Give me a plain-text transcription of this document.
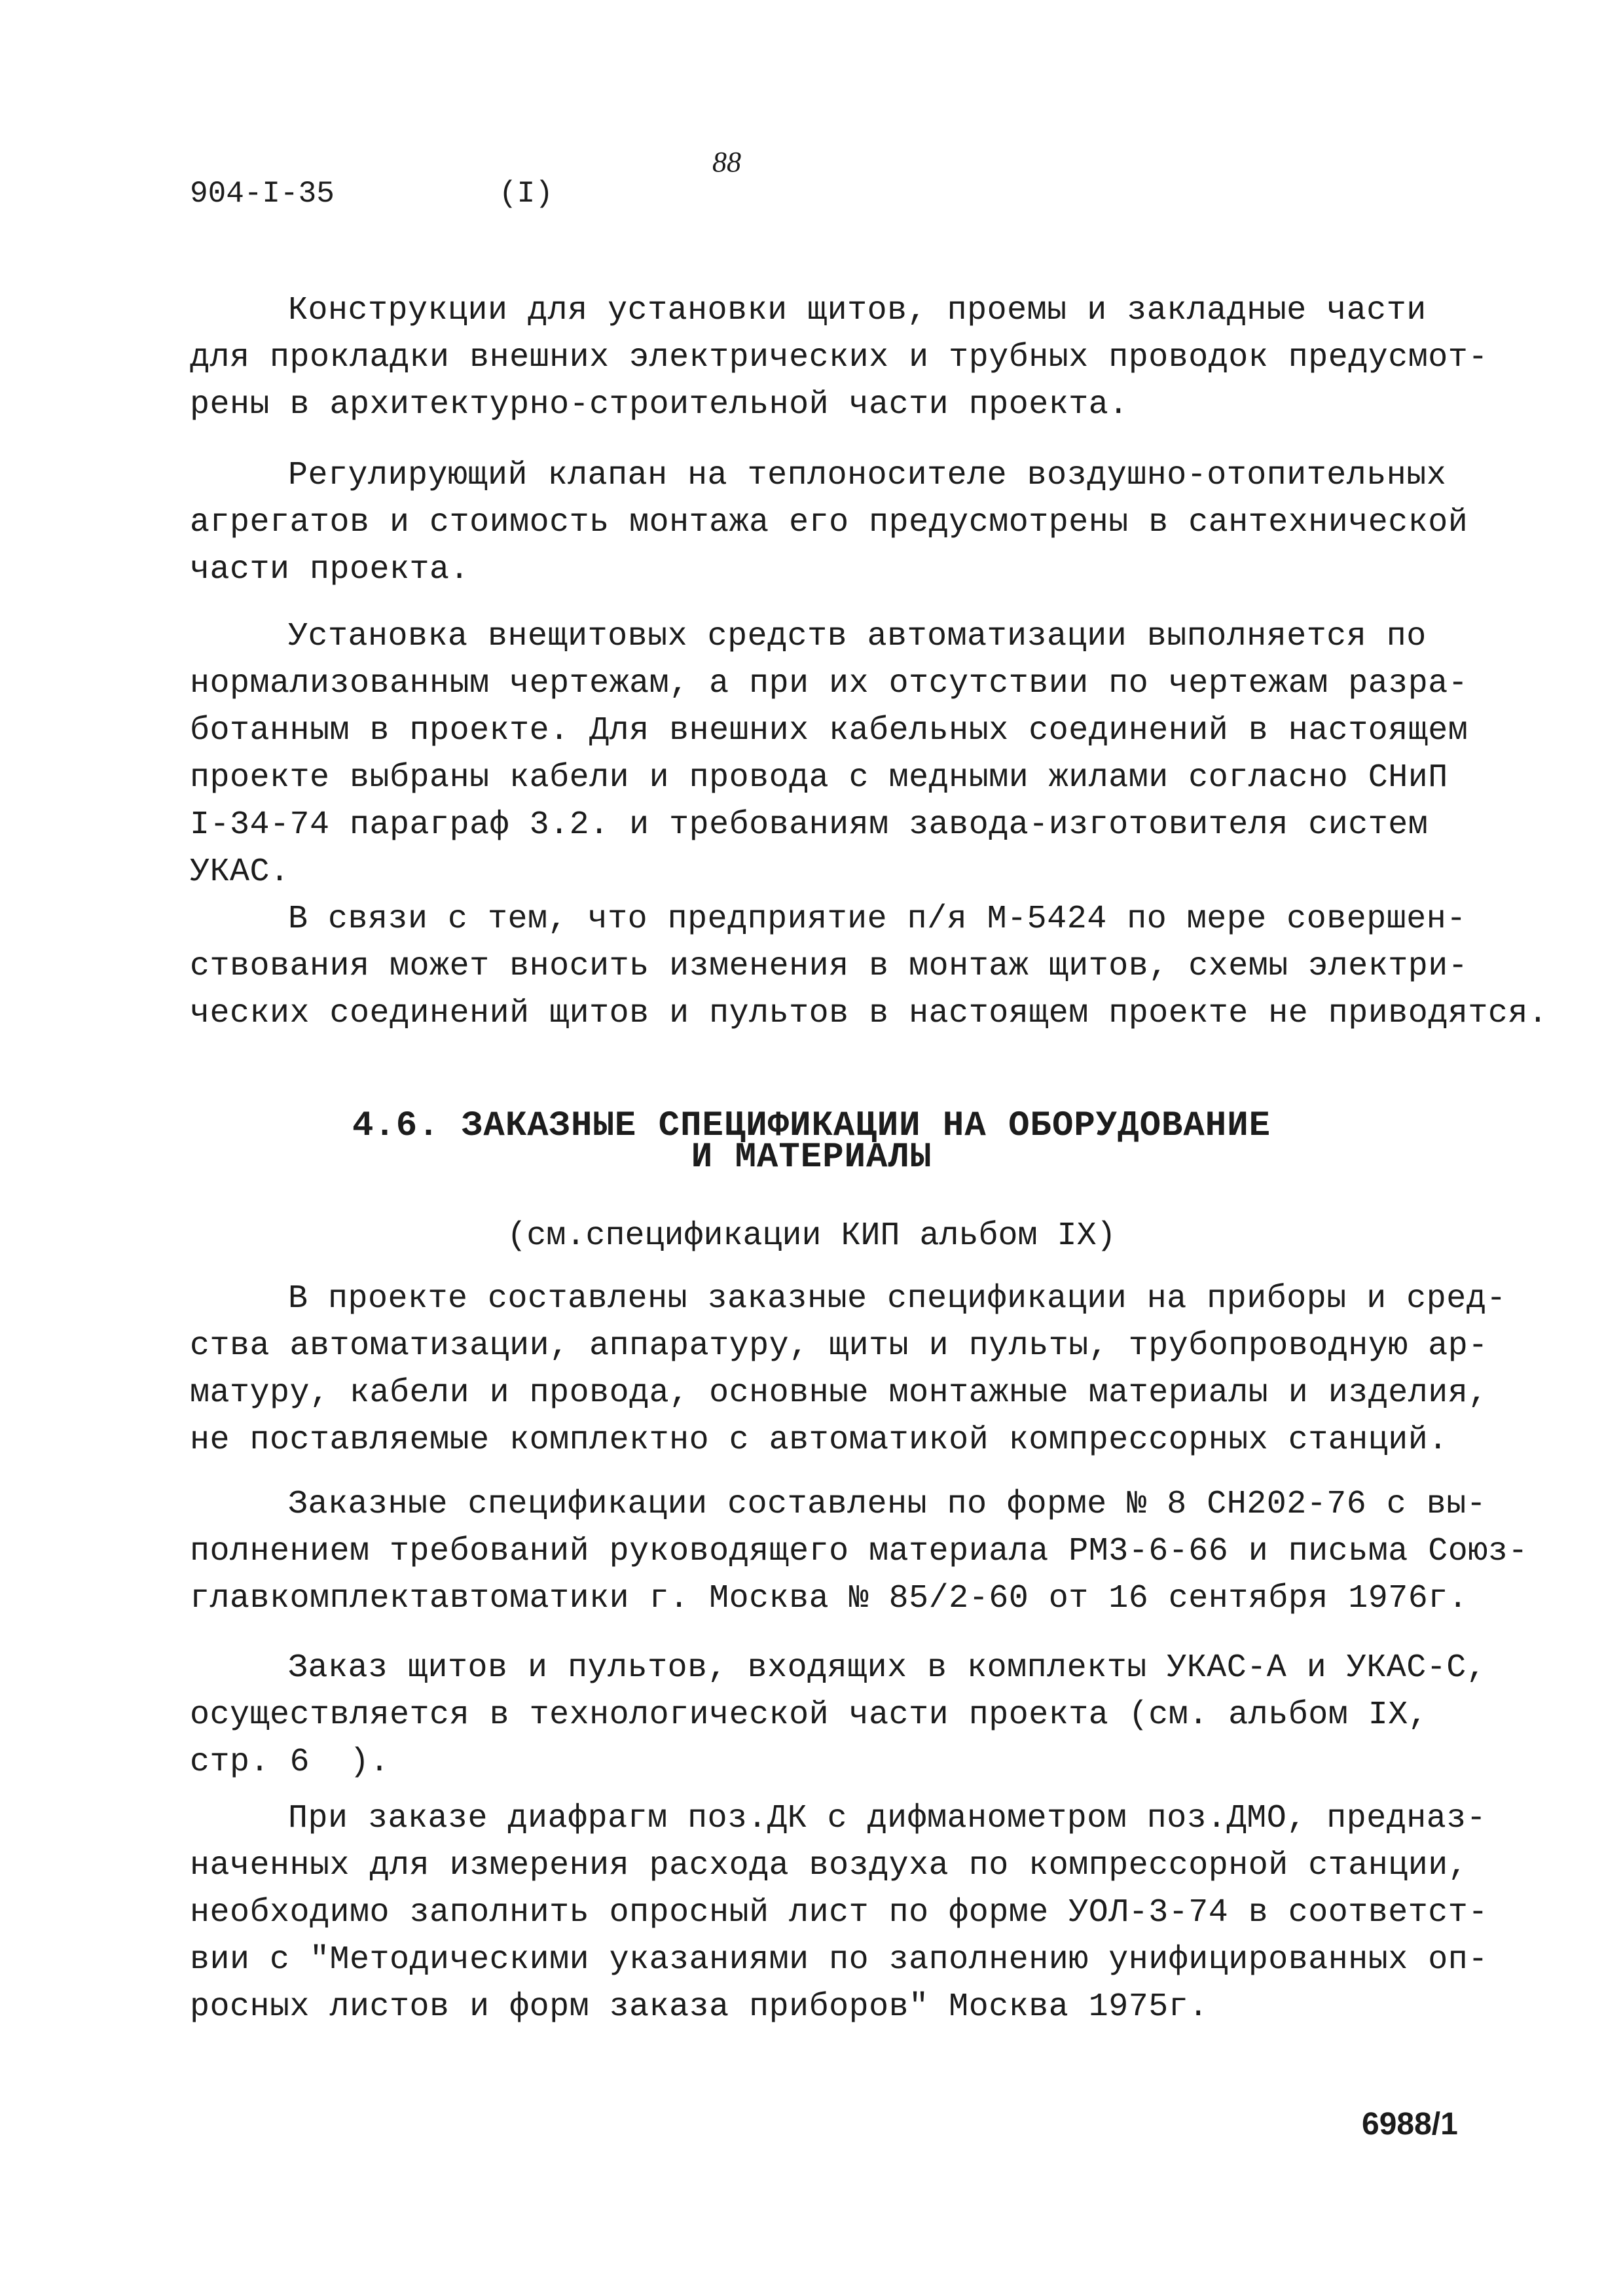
904-I-35	(I)
88
Конструкции для установки щитов, проемы и закладные части
для прокладки внешних электрических и трубных проводок предусмот-
рены в архитектурно-строительной части проекта.
Регулирующий клапан на теплоносителе воздушно-отопительных
агрегатов и стоимость монтажа его предусмотрены в сантехнической
части проекта.
Установка внещитовых средств автоматизации выполняется по
нормализованным чертежам, а при их отсутствии по чертежам разра-
ботанным в проекте. Для внешних кабельных соединений в настоящем
проекте выбраны кабели и провода с медными жилами согласно СНиП
I-34-74 параграф 3.2. и требованиям завода-изготовителя систем
УКАС.
В связи с тем, что предприятие п/я М-5424 по мере совершен-
ствования может вносить изменения в монтаж щитов, схемы электри-
ческих соединений щитов и пультов в настоящем проекте не приводятся.
4.6. ЗАКАЗНЫЕ СПЕЦИФИКАЦИИ НА ОБОРУДОВАНИЕ
И МАТЕРИАЛЫ
(см.спецификации КИП альбом IX)
В проекте составлены заказные спецификации на приборы и сред-
ства автоматизации, аппаратуру, щиты и пульты, трубопроводную ар-
матуру, кабели и провода, основные монтажные материалы и изделия,
не поставляемые комплектно с автоматикой компрессорных станций.
Заказные спецификации составлены по форме № 8 СН202-76 с вы-
полнением требований руководящего материала РМ3-6-66 и письма Союз-
главкомплектавтоматики г. Москва № 85/2-60 от 16 сентября 1976г.
Заказ щитов и пультов, входящих в комплекты УКАС-А и УКАС-С,
осуществляется в технологической части проекта (см. альбом IX,
стр. 6  ).
При заказе диафрагм поз.ДК с дифманометром поз.ДМО, предназ-
наченных для измерения расхода воздуха по компрессорной станции,
необходимо заполнить опросный лист по форме УОЛ-3-74 в соответст-
вии с "Методическими указаниями по заполнению унифицированных оп-
росных листов и форм заказа приборов" Москва 1975г.
6988/1
